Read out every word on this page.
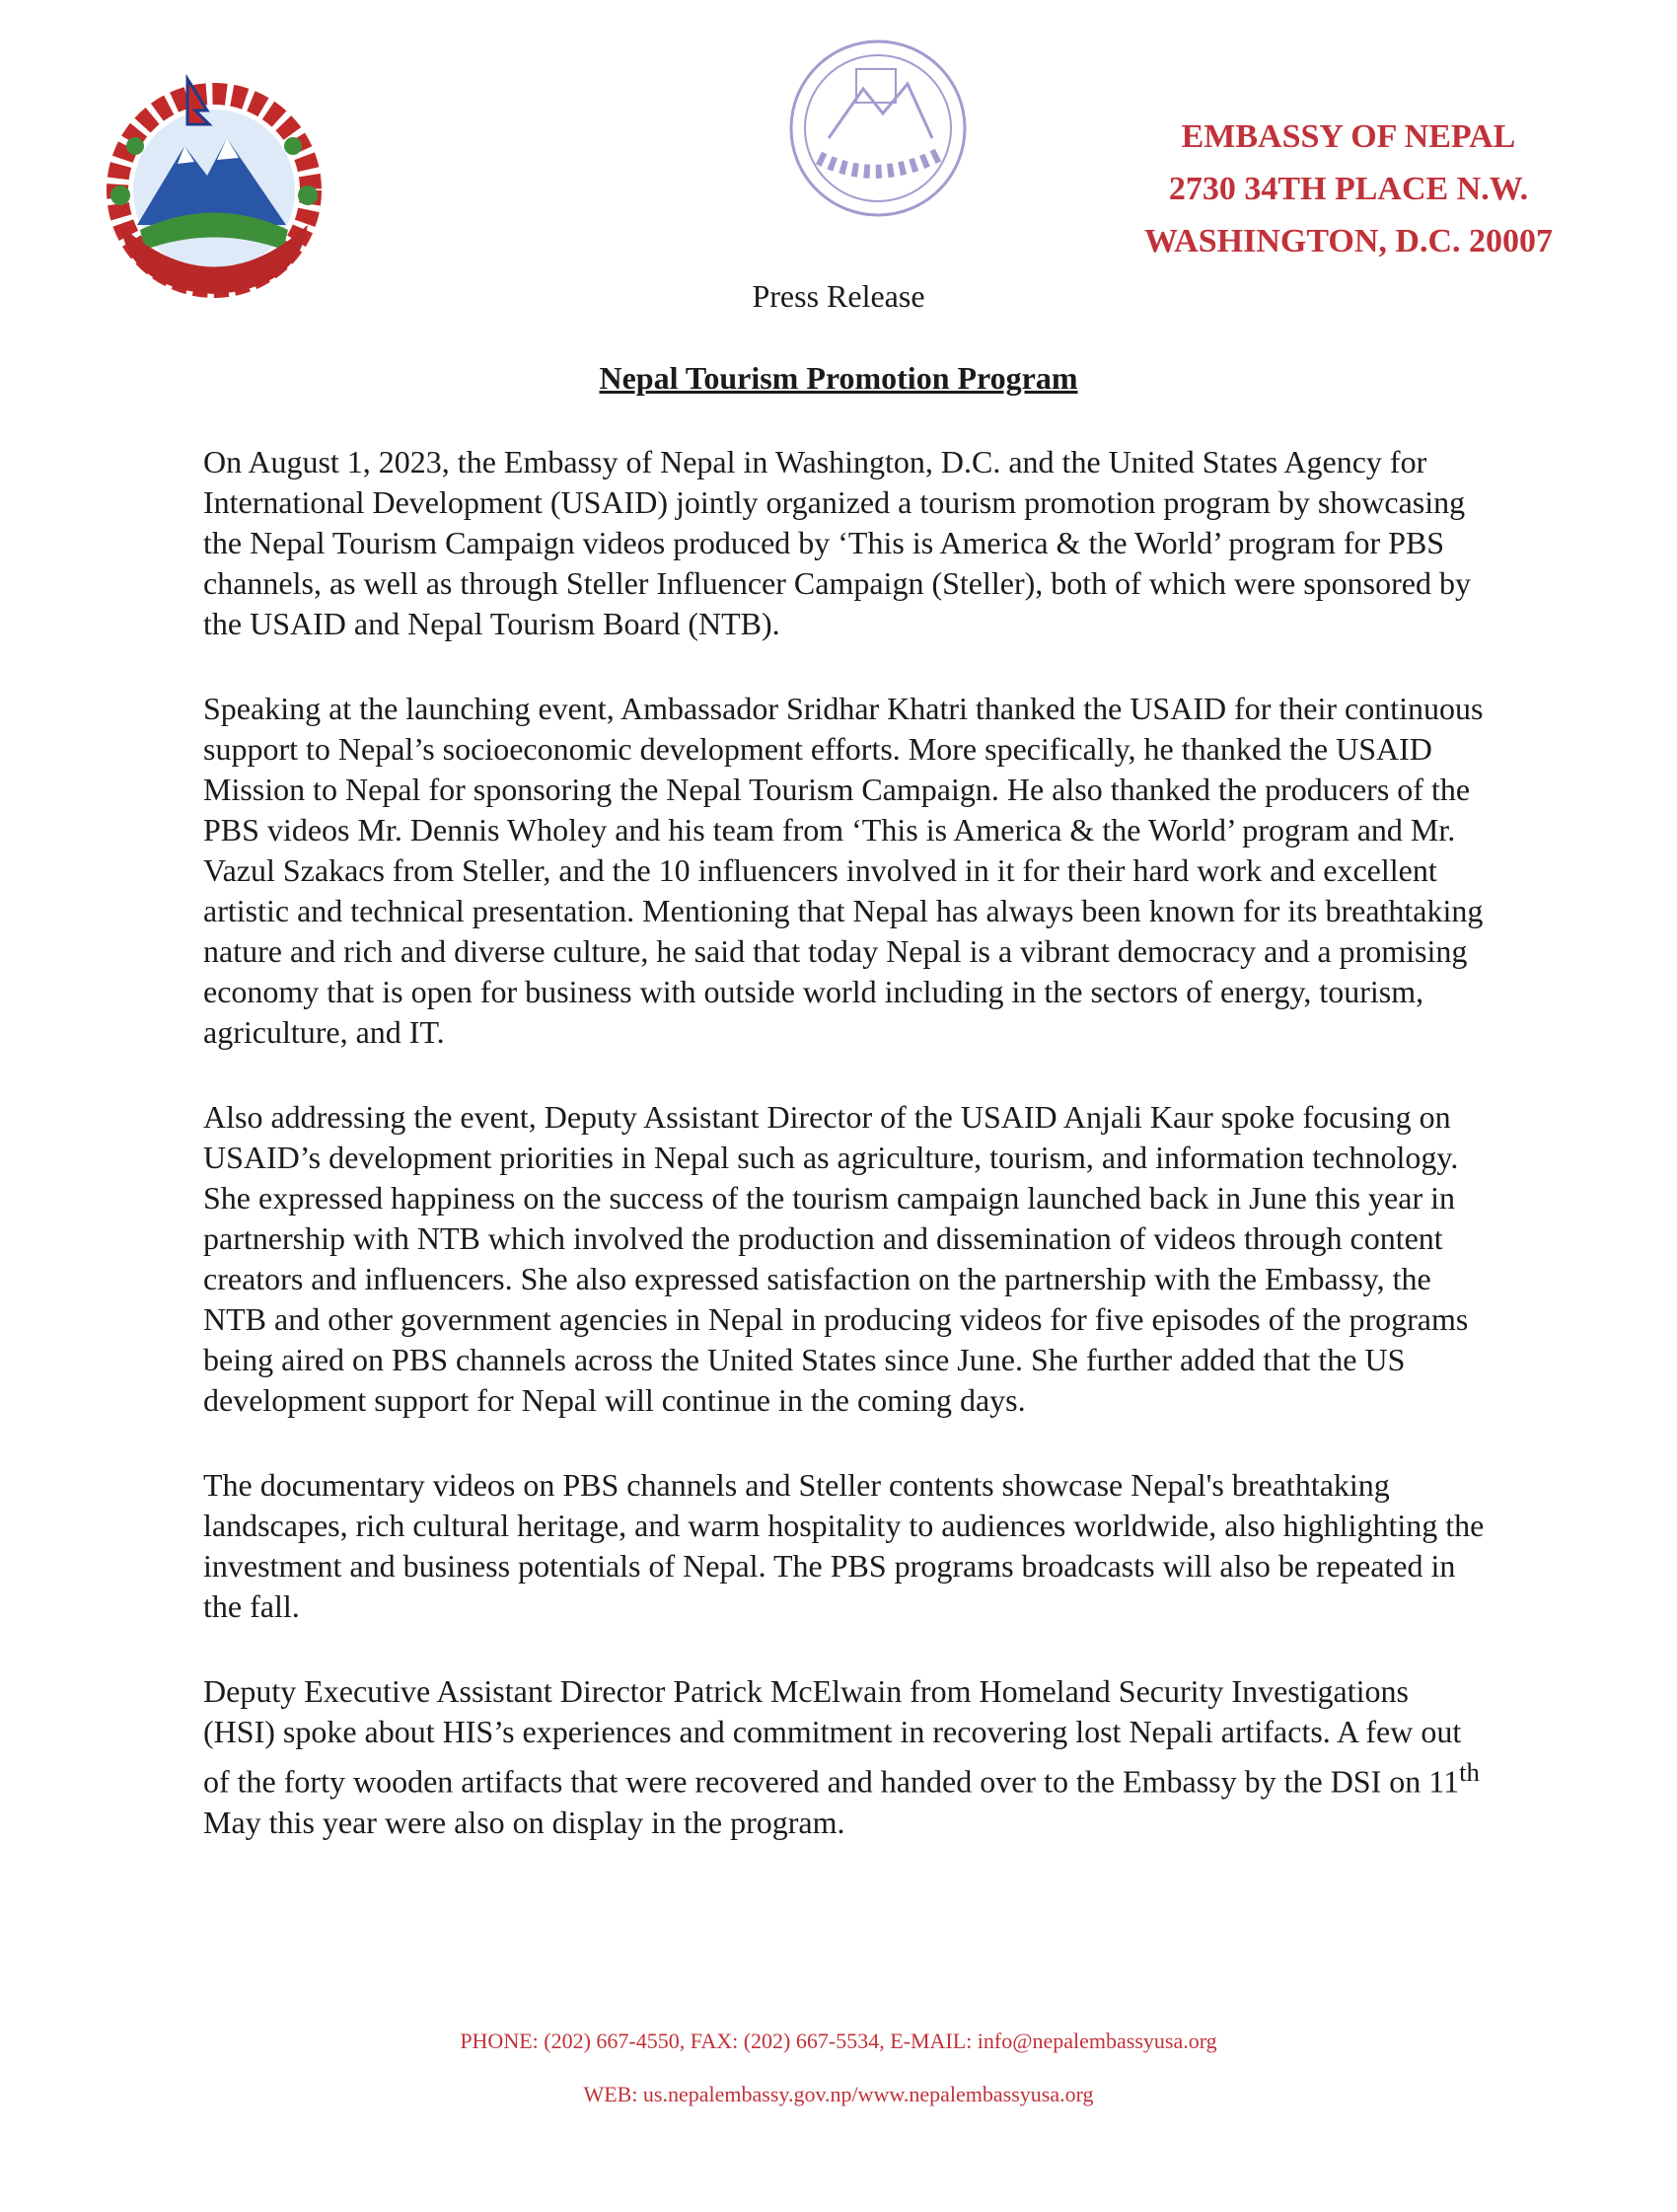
EMBASSY OF NEPAL
2730 34TH PLACE N.W.
WASHINGTON, D.C. 20007
Press Release
Nepal Tourism Promotion Program

On August 1, 2023, the Embassy of Nepal in Washington, D.C. and the United States Agency for International Development (USAID) jointly organized a tourism promotion program by showcasing the Nepal Tourism Campaign videos produced by ‘This is America & the World’ program for PBS channels, as well as through Steller Influencer Campaign (Steller), both of which were sponsored by the USAID and Nepal Tourism Board (NTB).

Speaking at the launching event, Ambassador Sridhar Khatri thanked the USAID for their continuous support to Nepal’s socioeconomic development efforts. More specifically, he thanked the USAID Mission to Nepal for sponsoring the Nepal Tourism Campaign. He also thanked the producers of the PBS videos Mr. Dennis Wholey and his team from ‘This is America & the World’ program and Mr. Vazul Szakacs from Steller, and the 10 influencers involved in it for their hard work and excellent artistic and technical presentation. Mentioning that Nepal has always been known for its breathtaking nature and rich and diverse culture, he said that today Nepal is a vibrant democracy and a promising economy that is open for business with outside world including in the sectors of energy, tourism, agriculture, and IT.

Also addressing the event, Deputy Assistant Director of the USAID Anjali Kaur spoke focusing on USAID’s development priorities in Nepal such as agriculture, tourism, and information technology. She expressed happiness on the success of the tourism campaign launched back in June this year in partnership with NTB which involved the production and dissemination of videos through content creators and influencers. She also expressed satisfaction on the partnership with the Embassy, the NTB and other government agencies in Nepal in producing videos for five episodes of the programs being aired on PBS channels across the United States since June. She further added that the US development support for Nepal will continue in the coming days.

The documentary videos on PBS channels and Steller contents showcase Nepal's breathtaking landscapes, rich cultural heritage, and warm hospitality to audiences worldwide, also highlighting the investment and business potentials of Nepal. The PBS programs broadcasts will also be repeated in the fall.

Deputy Executive Assistant Director Patrick McElwain from Homeland Security Investigations (HSI) spoke about HIS’s experiences and commitment in recovering lost Nepali artifacts. A few out of the forty wooden artifacts that were recovered and handed over to the Embassy by the DSI on 11th May this year were also on display in the program.

PHONE: (202) 667-4550, FAX: (202) 667-5534, E-MAIL: info@nepalembassyusa.org
WEB: us.nepalembassy.gov.np/www.nepalembassyusa.org
